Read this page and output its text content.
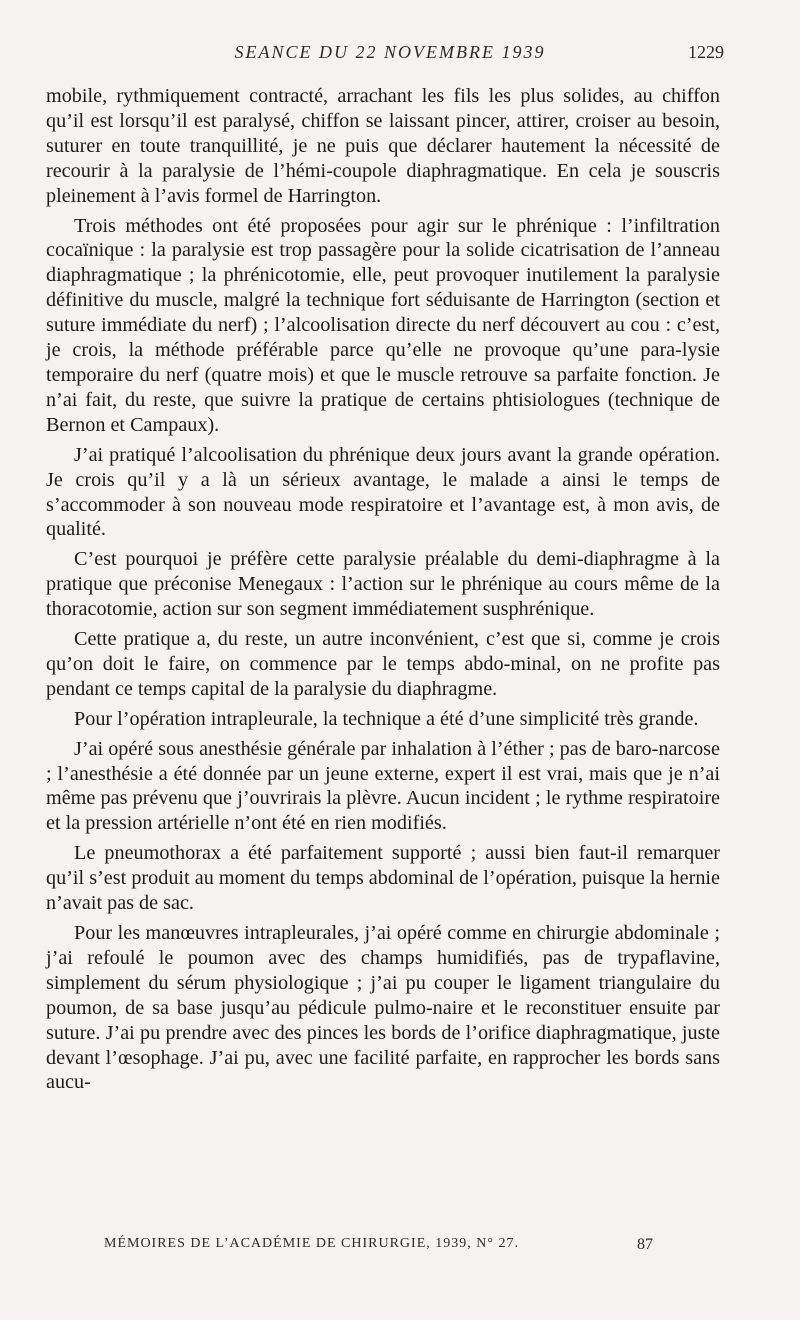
SEANCE DU 22 NOVEMBRE 1939	1229

mobile, rythmiquement contracté, arrachant les fils les plus solides, au chiffon qu’il est lorsqu’il est paralysé, chiffon se laissant pincer, attirer, croiser au besoin, suturer en toute tranquillité, je ne puis que déclarer hautement la nécessité de recourir à la paralysie de l’hémi-coupole diaphragmatique. En cela je souscris pleinement à l’avis formel de Harrington.

Trois méthodes ont été proposées pour agir sur le phrénique : l’infiltration cocaïnique : la paralysie est trop passagère pour la solide cicatrisation de l’anneau diaphragmatique ; la phrénicotomie, elle, peut provoquer inutilement la paralysie définitive du muscle, malgré la technique fort séduisante de Harrington (section et suture immédiate du nerf) ; l’alcoolisation directe du nerf découvert au cou : c’est, je crois, la méthode préférable parce qu’elle ne provoque qu’une para-lysie temporaire du nerf (quatre mois) et que le muscle retrouve sa parfaite fonction. Je n’ai fait, du reste, que suivre la pratique de certains phtisiologues (technique de Bernon et Campaux).

J’ai pratiqué l’alcoolisation du phrénique deux jours avant la grande opération. Je crois qu’il y a là un sérieux avantage, le malade a ainsi le temps de s’accommoder à son nouveau mode respiratoire et l’avantage est, à mon avis, de qualité.

C’est pourquoi je préfère cette paralysie préalable du demi-diaphragme à la pratique que préconise Menegaux : l’action sur le phrénique au cours même de la thoracotomie, action sur son segment immédiatement susphrénique.

Cette pratique a, du reste, un autre inconvénient, c’est que si, comme je crois qu’on doit le faire, on commence par le temps abdo-minal, on ne profite pas pendant ce temps capital de la paralysie du diaphragme.

Pour l’opération intrapleurale, la technique a été d’une simplicité très grande.

J’ai opéré sous anesthésie générale par inhalation à l’éther ; pas de baro-narcose ; l’anesthésie a été donnée par un jeune externe, expert il est vrai, mais que je n’ai même pas prévenu que j’ouvrirais la plèvre. Aucun incident ; le rythme respiratoire et la pression artérielle n’ont été en rien modifiés.

Le pneumothorax a été parfaitement supporté ; aussi bien faut-il remarquer qu’il s’est produit au moment du temps abdominal de l’opération, puisque la hernie n’avait pas de sac.

Pour les manœuvres intrapleurales, j’ai opéré comme en chirurgie abdominale ; j’ai refoulé le poumon avec des champs humidifiés, pas de trypaflavine, simplement du sérum physiologique ; j’ai pu couper le ligament triangulaire du poumon, de sa base jusqu’au pédicule pulmo-naire et le reconstituer ensuite par suture. J’ai pu prendre avec des pinces les bords de l’orifice diaphragmatique, juste devant l’œsophage. J’ai pu, avec une facilité parfaite, en rapprocher les bords sans aucu-

MÉMOIRES DE L’ACADÉMIE DE CHIRURGIE, 1939, N° 27.	87
